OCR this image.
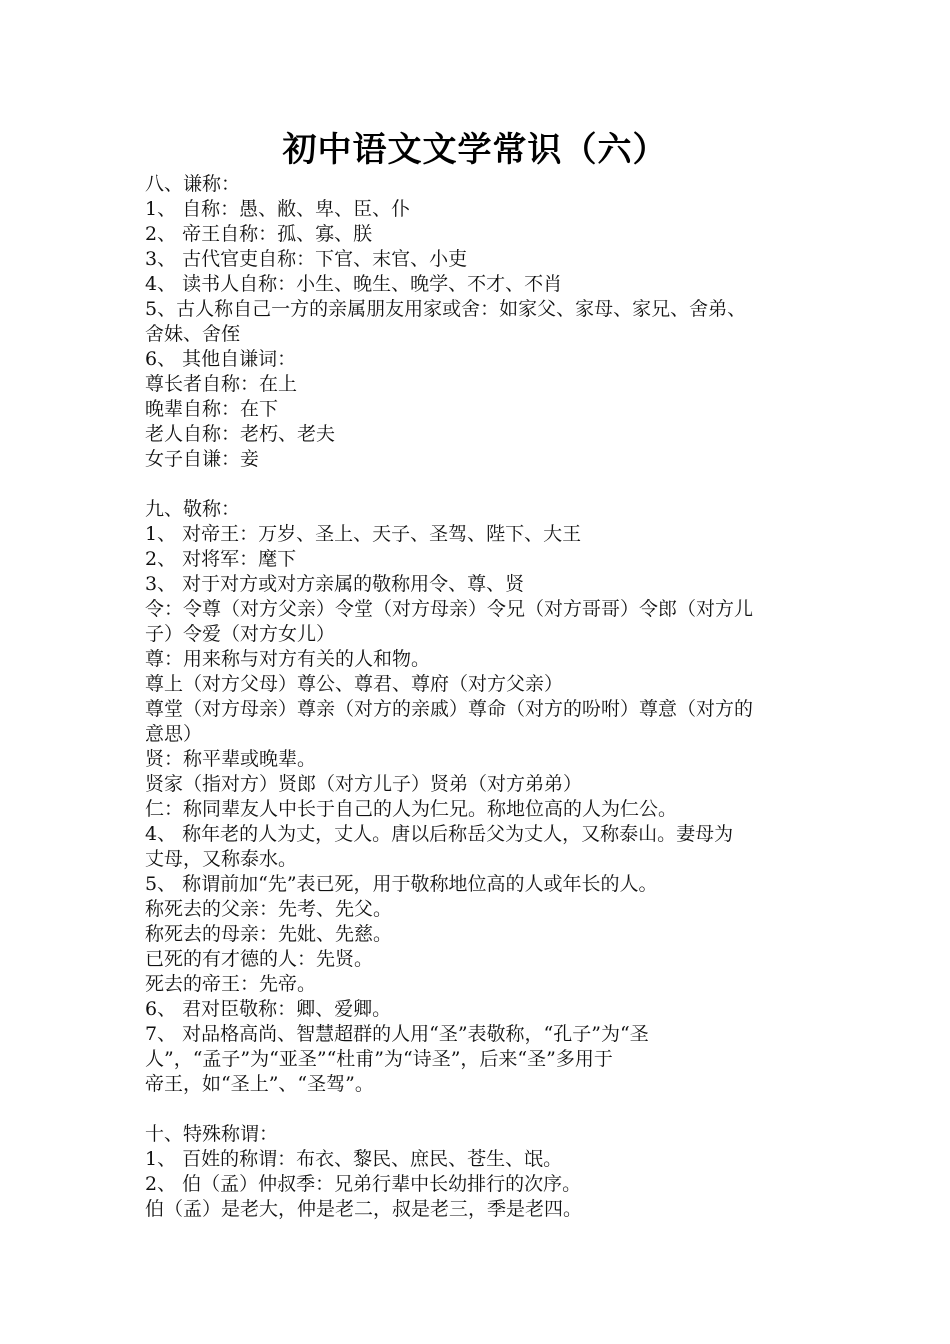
初中语文文学常识（六）
八、谦称：
1、 自称：愚、敝、卑、臣、仆
2、 帝王自称：孤、寡、朕
3、 古代官吏自称：下官、末官、小吏
4、 读书人自称：小生、晚生、晚学、不才、不肖
5、古人称自己一方的亲属朋友用家或舍：如家父、家母、家兄、舍弟、
舍妹、舍侄
6、 其他自谦词：
尊长者自称：在上
晚辈自称：在下
老人自称：老朽、老夫
女子自谦：妾
九、敬称：
1、 对帝王：万岁、圣上、天子、圣驾、陛下、大王
2、 对将军：麾下
3、 对于对方或对方亲属的敬称用令、尊、贤
令：令尊（对方父亲）令堂（对方母亲）令兄（对方哥哥）令郎（对方儿
子）令爱（对方女儿）
尊：用来称与对方有关的人和物。
尊上（对方父母）尊公、尊君、尊府（对方父亲）
尊堂（对方母亲）尊亲（对方的亲戚）尊命（对方的吩咐）尊意（对方的
意思）
贤：称平辈或晚辈。
贤家（指对方）贤郎（对方儿子）贤弟（对方弟弟）
仁：称同辈友人中长于自己的人为仁兄。称地位高的人为仁公。
4、 称年老的人为丈，丈人。唐以后称岳父为丈人，又称泰山。妻母为
丈母，又称泰水。
5、 称谓前加“先”表已死，用于敬称地位高的人或年长的人。
称死去的父亲：先考、先父。
称死去的母亲：先妣、先慈。
已死的有才德的人：先贤。
死去的帝王：先帝。
6、 君对臣敬称：卿、爱卿。
7、 对品格高尚、智慧超群的人用“圣”表敬称，“孔子”为“圣
人”，“孟子”为“亚圣”“杜甫”为“诗圣”，后来“圣”多用于
帝王，如“圣上”、“圣驾”。
十、特殊称谓：
1、 百姓的称谓：布衣、黎民、庶民、苍生、氓。
2、 伯（孟）仲叔季：兄弟行辈中长幼排行的次序。
伯（孟）是老大，仲是老二，叔是老三，季是老四。
